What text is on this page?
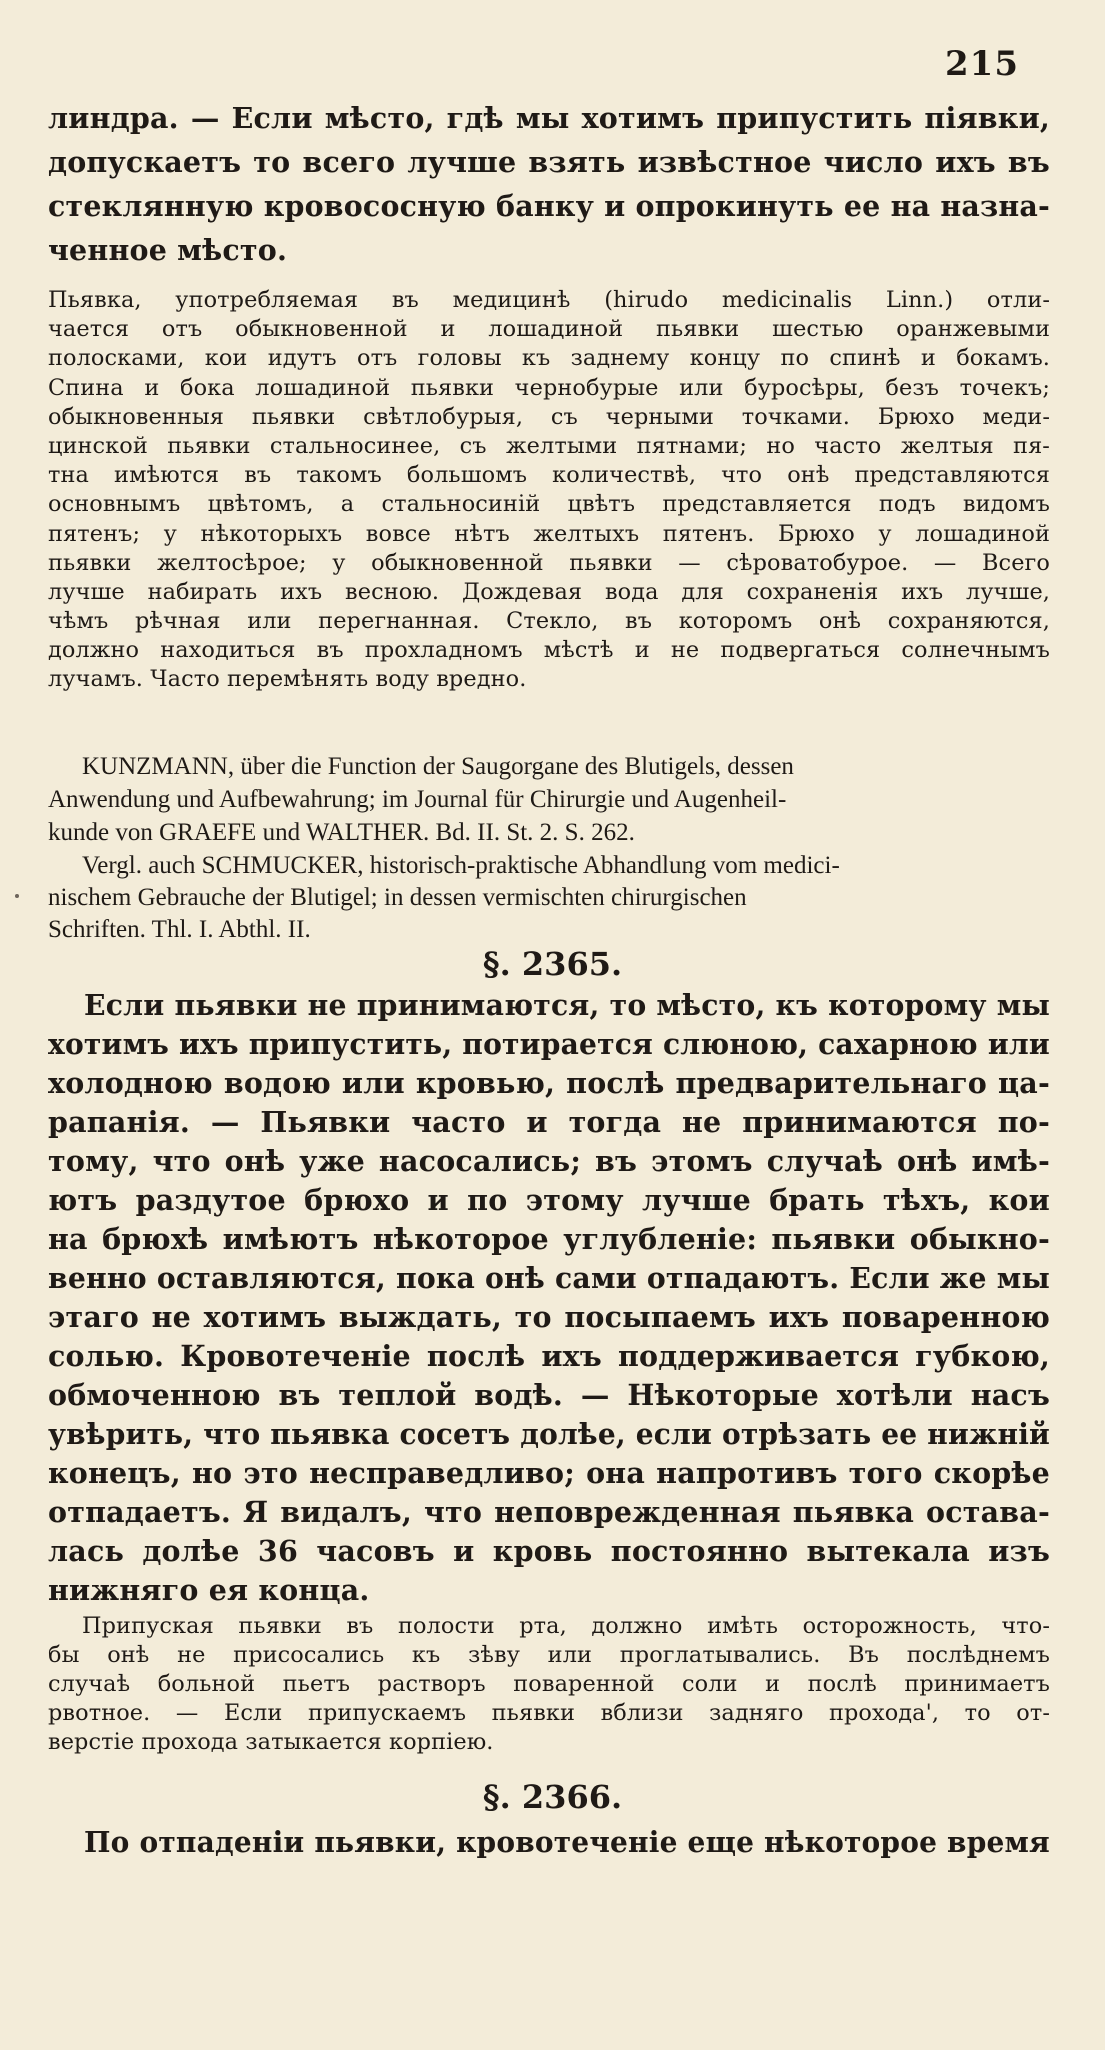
215
линдра. — Если мѣсто, гдѣ мы хотимъ припустить піявки,
допускаетъ то всего лучше взять извѣстное число ихъ въ
стеклянную кровососную банку и опрокинуть ее на назна-
ченное мѣсто.
Пьявка, употребляемая въ медицинѣ (hirudo medicinalis Linn.) отли-
чается отъ обыкновенной и лошадиной пьявки шестью оранжевыми
полосками, кои идутъ отъ головы къ заднему концу по спинѣ и бокамъ.
Спина и бока лошадиной пьявки чернобурые или буросѣры, безъ точекъ;
обыкновенныя пьявки свѣтлобурыя, съ черными точками. Брюхо меди-
цинской пьявки стальносинее, съ желтыми пятнами; но часто желтыя пя-
тна имѣются въ такомъ большомъ количествѣ, что онѣ представляются
основнымъ цвѣтомъ, а стальносиній цвѣтъ представляется подъ видомъ
пятенъ; у нѣкоторыхъ вовсе нѣтъ желтыхъ пятенъ. Брюхо у лошадиной
пьявки желтосѣрое; у обыкновенной пьявки — сѣроватобурое. — Всего
лучше набирать ихъ весною. Дождевая вода для сохраненія ихъ лучше,
чѣмъ рѣчная или перегнанная. Стекло, въ которомъ онѣ сохраняются,
должно находиться въ прохладномъ мѣстѣ и не подвергаться солнечнымъ
лучамъ. Часто перемѣнять воду вредно.
KUNZMANN, über die Function der Saugorgane des Blutigels, dessen
Anwendung und Aufbewahrung; im Journal für Chirurgie und Augenheil-
kunde von GRAEFE und WALTHER. Bd. II. St. 2. S. 262.
Vergl. auch SCHMUCKER, historisch-praktische Abhandlung vom medici-
nischem Gebrauche der Blutigel; in dessen vermischten chirurgischen
Schriften. Thl. I. Abthl. II.
§. 2365.
Если пьявки не принимаются, то мѣсто, къ которому мы
хотимъ ихъ припустить, потирается слюною, сахарною или
холодною водою или кровью, послѣ предварительнаго ца-
рапанія. — Пьявки часто и тогда не принимаются по-
тому, что онѣ уже насосались; въ этомъ случаѣ онѣ имѣ-
ютъ раздутое брюхо и по этому лучше брать тѣхъ, кои
на брюхѣ имѣютъ нѣкоторое углубленіе: пьявки обыкно-
венно оставляются, пока онѣ сами отпадаютъ. Если же мы
этаго не хотимъ выждать, то посыпаемъ ихъ поваренною
солью. Кровотеченіе послѣ ихъ поддерживается губкою,
обмоченною въ теплой водѣ. — Нѣкоторые хотѣли насъ
увѣрить, что пьявка сосетъ долѣе, если отрѣзать ее нижній
конецъ, но это несправедливо; она напротивъ того скорѣе
отпадаетъ. Я видалъ, что неповрежденная пьявка остава-
лась долѣе 36 часовъ и кровь постоянно вытекала изъ
нижняго ея конца.
Припуская пьявки въ полости рта, должно имѣть осторожность, что-
бы онѣ не присосались къ зѣву или проглатывались. Въ послѣднемъ
случаѣ больной пьетъ растворъ поваренной соли и послѣ принимаетъ
рвотное. — Если припускаемъ пьявки вблизи задняго прохода', то от-
верстіе прохода затыкается корпiею.
§. 2366.
По отпаденіи пьявки, кровотеченіе еще нѣкоторое время
